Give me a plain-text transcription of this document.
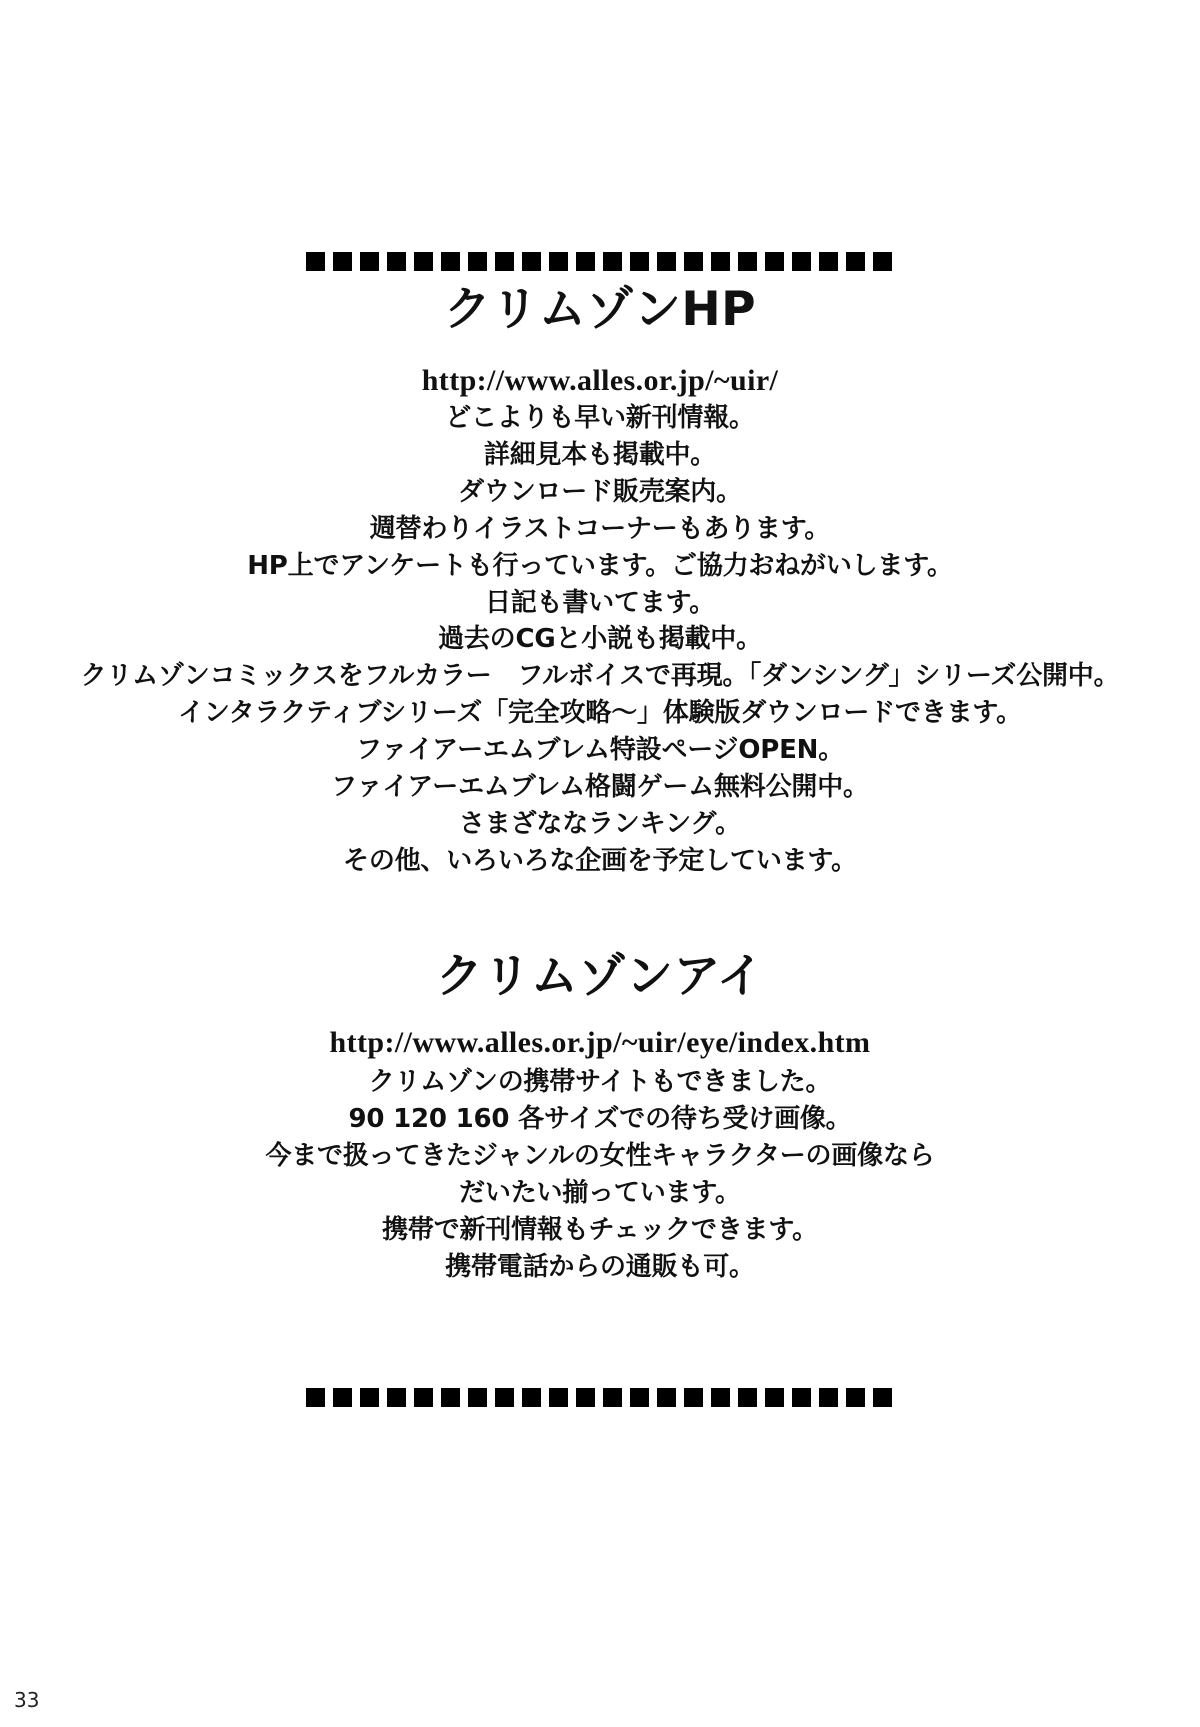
クリムゾンHP

http://www.alles.or.jp/~uir/

どこよりも早い新刊情報。

詳細見本も掲載中。

ダウンロード販売案内。

週替わりイラストコーナーもあります。

HP上でアンケートも行っています。ご協力おねがいします。

日記も書いてます。

過去のCGと小説も掲載中。

クリムゾンコミックスをフルカラー　フルボイスで再現。「ダンシング」シリーズ公開中。

インタラクティブシリーズ「完全攻略～」体験版ダウンロードできます。

ファイアーエムブレム特設ページOPEN。

ファイアーエムブレム格闘ゲーム無料公開中。

さまざななランキング。

その他、いろいろな企画を予定しています。

クリムゾンアイ

http://www.alles.or.jp/~uir/eye/index.htm

クリムゾンの携帯サイトもできました。

90 120 160 各サイズでの待ち受け画像。

今まで扱ってきたジャンルの女性キャラクターの画像なら

だいたい揃っています。

携帯で新刊情報もチェックできます。

携帯電話からの通販も可。

33
